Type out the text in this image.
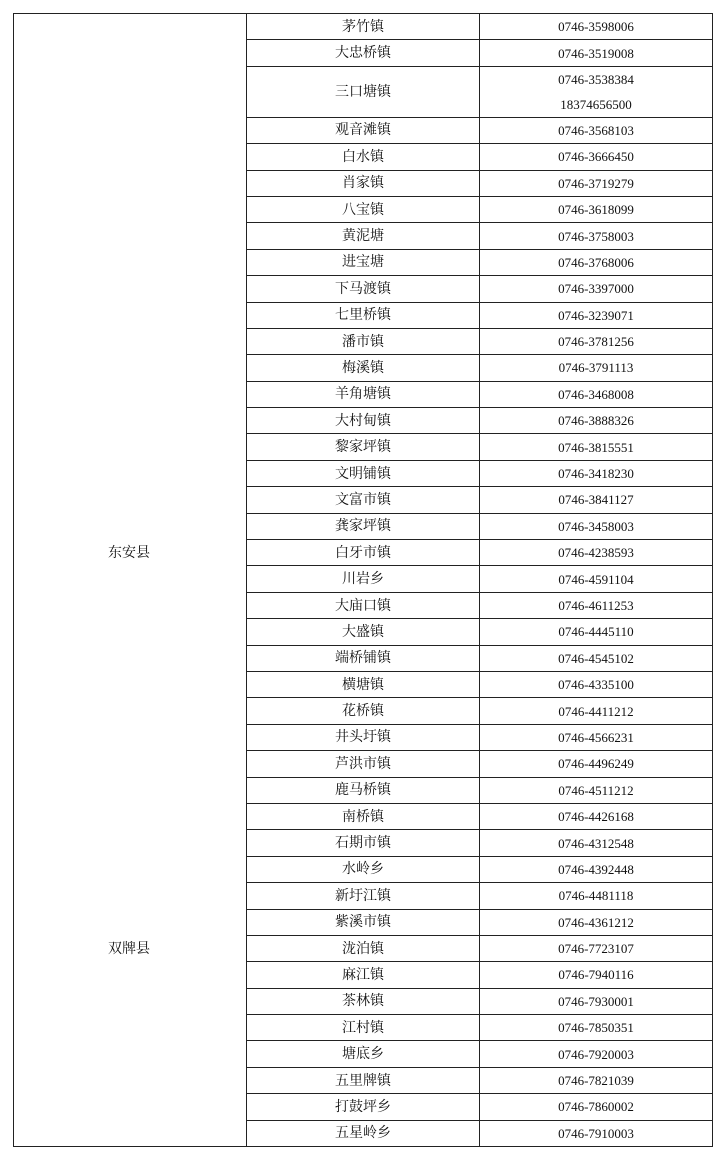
	茅竹镇	0746-3598006

	大忠桥镇	0746-3519008

	三口塘镇	0746-3538384
18374656500

	观音滩镇	0746-3568103

	白水镇	0746-3666450

	肖家镇	0746-3719279

	八宝镇	0746-3618099

	黄泥塘	0746-3758003

	进宝塘	0746-3768006

	下马渡镇	0746-3397000

	七里桥镇	0746-3239071

	潘市镇	0746-3781256

	梅溪镇	0746-3791113

	羊角塘镇	0746-3468008

	大村甸镇	0746-3888326

	黎家坪镇	0746-3815551

	文明铺镇	0746-3418230

	文富市镇	0746-3841127

	龚家坪镇	0746-3458003

东安县	白牙市镇	0746-4238593

	川岩乡	0746-4591104

	大庙口镇	0746-4611253

	大盛镇	0746-4445110

	端桥铺镇	0746-4545102

	横塘镇	0746-4335100

	花桥镇	0746-4411212

	井头圩镇	0746-4566231

	芦洪市镇	0746-4496249

	鹿马桥镇	0746-4511212

	南桥镇	0746-4426168

	石期市镇	0746-4312548

	水岭乡	0746-4392448

	新圩江镇	0746-4481118

	紫溪市镇	0746-4361212

双牌县	泷泊镇	0746-7723107

	麻江镇	0746-7940116

	茶林镇	0746-7930001

	江村镇	0746-7850351

	塘底乡	0746-7920003

	五里牌镇	0746-7821039

	打鼓坪乡	0746-7860002

	五星岭乡	0746-7910003
